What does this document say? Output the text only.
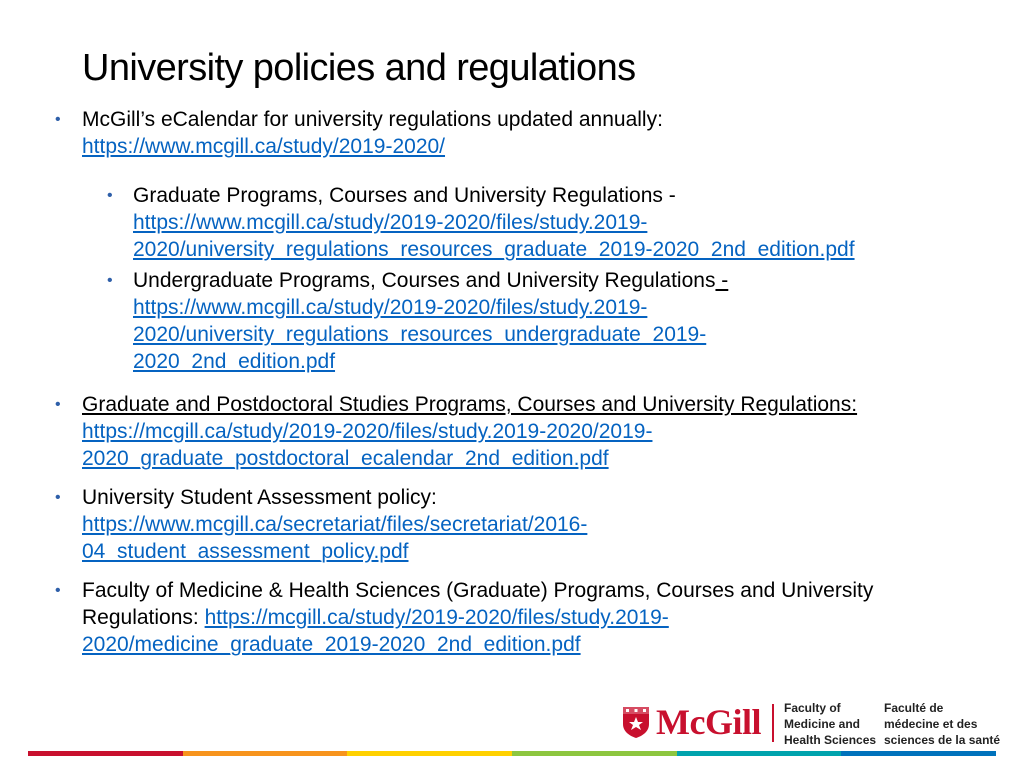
University policies and regulations
• McGill’s eCalendar for university regulations updated annually:
https://www.mcgill.ca/study/2019-2020/
• Graduate Programs, Courses and University Regulations -
https://www.mcgill.ca/study/2019-2020/files/study.2019-
2020/university_regulations_resources_graduate_2019-2020_2nd_edition.pdf
• Undergraduate Programs, Courses and University Regulations -
https://www.mcgill.ca/study/2019-2020/files/study.2019-
2020/university_regulations_resources_undergraduate_2019-
2020_2nd_edition.pdf
• Graduate and Postdoctoral Studies Programs, Courses and University Regulations:
https://mcgill.ca/study/2019-2020/files/study.2019-2020/2019-
2020_graduate_postdoctoral_ecalendar_2nd_edition.pdf
• University Student Assessment policy:
https://www.mcgill.ca/secretariat/files/secretariat/2016-
04_student_assessment_policy.pdf
• Faculty of Medicine & Health Sciences (Graduate) Programs, Courses and University
Regulations: https://mcgill.ca/study/2019-2020/files/study.2019-
2020/medicine_graduate_2019-2020_2nd_edition.pdf
McGill Faculty of
Medicine and
Health Sciences
Faculté de
médecine et des
sciences de la santé
